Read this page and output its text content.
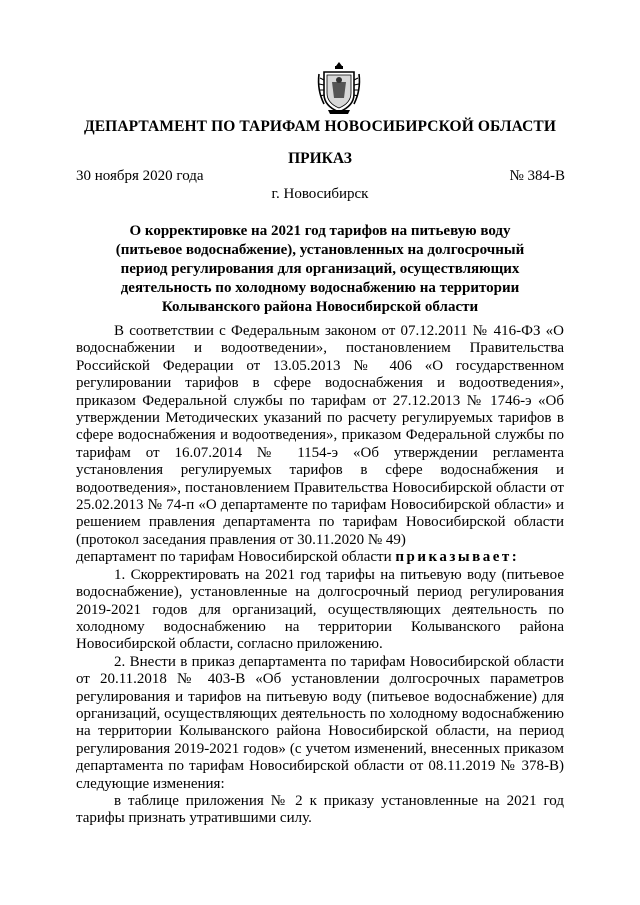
ДЕПАРТАМЕНТ ПО ТАРИФАМ НОВОСИБИРСКОЙ ОБЛАСТИ
ПРИКАЗ
30 ноября 2020 года	№ 384-В
г. Новосибирск
О корректировке на 2021 год тарифов на питьевую воду (питьевое водоснабжение), установленных на долгосрочный период регулирования для организаций, осуществляющих деятельность по холодному водоснабжению на территории Колыванского района Новосибирской области

В соответствии с Федеральным законом от 07.12.2011 № 416-ФЗ «О водоснабжении и водоотведении», постановлением Правительства Российской Федерации от 13.05.2013 № 406 «О государственном регулировании тарифов в сфере водоснабжения и водоотведения», приказом Федеральной службы по тарифам от 27.12.2013 № 1746-э «Об утверждении Методических указаний по расчету регулируемых тарифов в сфере водоснабжения и водоотведения», приказом Федеральной службы по тарифам от 16.07.2014 № 1154-э «Об утверждении регламента установления регулируемых тарифов в сфере водоснабжения и водоотведения», постановлением Правительства Новосибирской области от 25.02.2013 № 74-п «О департаменте по тарифам Новосибирской области» и решением правления департамента по тарифам Новосибирской области (протокол заседания правления от 30.11.2020 № 49)

департамент по тарифам Новосибирской области приказывает:

1. Скорректировать на 2021 год тарифы на питьевую воду (питьевое водоснабжение), установленные на долгосрочный период регулирования 2019-2021 годов для организаций, осуществляющих деятельность по холодному водоснабжению на территории Колыванского района Новосибирской области, согласно приложению.

2. Внести в приказ департамента по тарифам Новосибирской области от 20.11.2018 № 403-В «Об установлении долгосрочных параметров регулирования и тарифов на питьевую воду (питьевое водоснабжение) для организаций, осуществляющих деятельность по холодному водоснабжению на территории Колыванского района Новосибирской области, на период регулирования 2019-2021 годов» (с учетом изменений, внесенных приказом департамента по тарифам Новосибирской области от 08.11.2019 № 378-В) следующие изменения:

в таблице приложения № 2 к приказу установленные на 2021 год тарифы признать утратившими силу.
